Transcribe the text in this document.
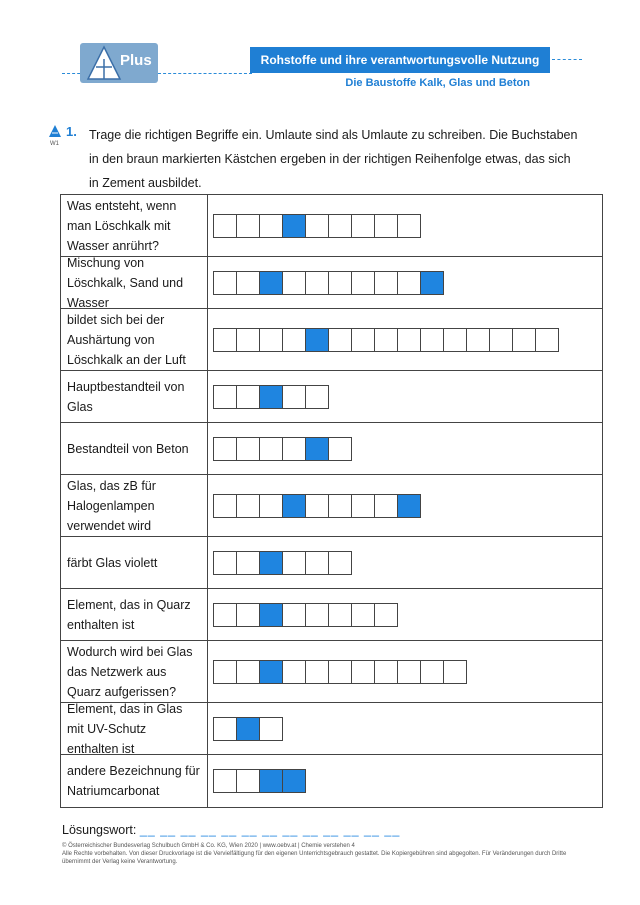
Plus	Rohstoffe und ihre verantwortungsvolle Nutzung
Die Baustoffe Kalk, Glas und Beton
W1
1. Trage die richtigen Begriffe ein. Umlaute sind als Umlaute zu schreiben. Die Buchstaben in den braun markierten Kästchen ergeben in der richtigen Reihenfolge etwas, das sich in Zement ausbildet.
Was entsteht, wenn man Löschkalk mit Wasser anrührt?
Mischung von Löschkalk, Sand und Wasser
bildet sich bei der Aushärtung von Löschkalk an der Luft
Hauptbestandteil von Glas
Bestandteil von Beton
Glas, das zB für Halogenlampen verwendet wird
färbt Glas violett
Element, das in Quarz enthalten ist
Wodurch wird bei Glas das Netzwerk aus Quarz aufgerissen?
Element, das in Glas mit UV-Schutz enthalten ist
andere Bezeichnung für Natriumcarbonat
Lösungswort: __ __ __ __ __ __ __ __ __ __ __ __ __
© Österreichischer Bundesverlag Schulbuch GmbH & Co. KG, Wien 2020 | www.oebv.at | Chemie verstehen 4
Alle Rechte vorbehalten. Von dieser Druckvorlage ist die Vervielfältigung für den eigenen Unterrichtsgebrauch gestattet. Die Kopiergebühren sind abgegolten. Für Veränderungen durch Dritte übernimmt der Verlag keine Verantwortung.
